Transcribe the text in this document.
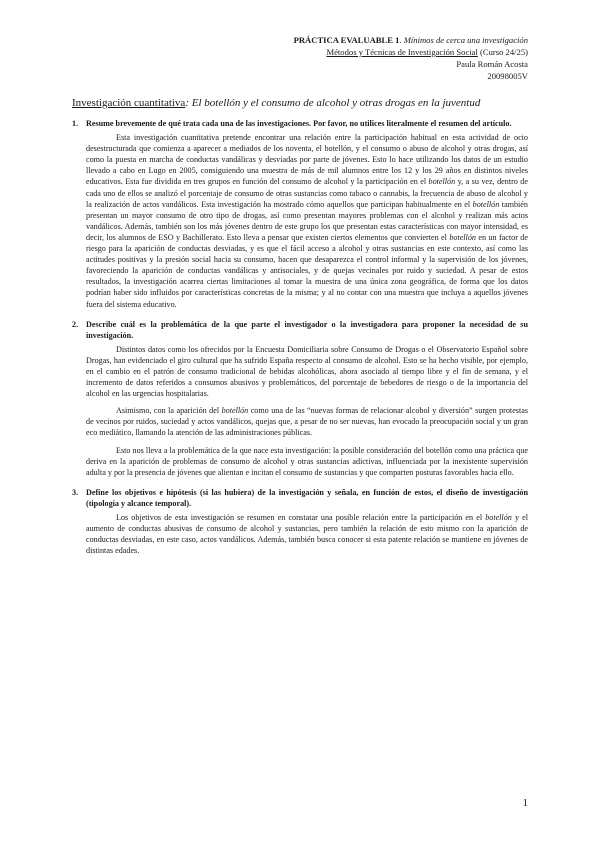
PRÁCTICA EVALUABLE 1. Mínimos de cerca una investigación
Métodos y Técnicas de Investigación Social (Curso 24/25)
Paula Román Acosta
20098005V
Investigación cuantitativa: El botellón y el consumo de alcohol y otras drogas en la juventud
1. Resume brevemente de qué trata cada una de las investigaciones. Por favor, no utilices literalmente el resumen del artículo.
Esta investigación cuantitativa pretende encontrar una relación entre la participación habitual en esta actividad de ocio desestructurada que comienza a aparecer a mediados de los noventa, el botellón, y el consumo o abuso de alcohol y otras drogas, así como la puesta en marcha de conductas vandálicas y desviadas por parte de jóvenes. Esto lo hace utilizando los datos de un estudio llevado a cabo en Lugo en 2005, consiguiendo una muestra de más de mil alumnos entre los 12 y los 29 años en distintos niveles educativos. Esta fue dividida en tres grupos en función del consumo de alcohol y la participación en el botellón y, a su vez, dentro de cada uno de ellos se analizó el porcentaje de consumo de otras sustancias como tabaco o cannabis, la frecuencia de abuso de alcohol y la realización de actos vandálicos. Esta investigación ha mostrado cómo aquellos que participan habitualmente en el botellón también presentan un mayor consumo de otro tipo de drogas, así como presentan mayores problemas con el alcohol y realizan más actos vandálicos. Además, también son los más jóvenes dentro de este grupo los que presentan estas características con mayor intensidad, es decir, los alumnos de ESO y Bachillerato. Esto lleva a pensar que existen ciertos elementos que convierten el botellón en un factor de riesgo para la aparición de conductas desviadas, y es que el fácil acceso a alcohol y otras sustancias en este contexto, así como las actitudes positivas y la presión social hacia su consumo, hacen que desaparezca el control informal y la supervisión de los jóvenes, favoreciendo la aparición de conductas vandálicas y antisociales, y de quejas vecinales por ruido y suciedad. A pesar de estos resultados, la investigación acarrea ciertas limitaciones al tomar la muestra de una única zona geográfica, de forma que los datos podrían haber sido influidos por características concretas de la misma; y al no contar con una muestra que incluya a aquellos jóvenes fuera del sistema educativo.
2. Describe cuál es la problemática de la que parte el investigador o la investigadora para proponer la necesidad de su investigación.
Distintos datos como los ofrecidos por la Encuesta Domiciliaria sobre Consumo de Drogas o el Observatorio Español sobre Drogas, han evidenciado el giro cultural que ha sufrido España respecto al consumo de alcohol. Esto se ha hecho visible, por ejemplo, en el cambio en el patrón de consumo tradicional de bebidas alcohólicas, ahora asociado al tiempo libre y el fin de semana, y el incremento de datos referidos a consumos abusivos y problemáticos, del porcentaje de bebedores de riesgo o de la importancia del alcohol en las urgencias hospitalarias.
Asimismo, con la aparición del botellón como una de las “nuevas formas de relacionar alcohol y diversión” surgen protestas de vecinos por ruidos, suciedad y actos vandálicos, quejas que, a pesar de no ser nuevas, han evocado la preocupación social y un gran eco mediático, llamando la atención de las administraciones públicas.
Esto nos lleva a la problemática de la que nace esta investigación: la posible consideración del botellón como una práctica que deriva en la aparición de problemas de consumo de alcohol y otras sustancias adictivas, influenciada por la inexistente supervisión adulta y por la presencia de jóvenes que alientan e incitan el consumo de sustancias y que comparten posturas favorables hacia ello.
3. Define los objetivos e hipótesis (si las hubiera) de la investigación y señala, en función de estos, el diseño de investigación (tipología y alcance temporal).
Los objetivos de esta investigación se resumen en constatar una posible relación entre la participación en el botellón y el aumento de conductas abusivas de consumo de alcohol y sustancias, pero también la relación de esto mismo con la aparición de conductas desviadas, en este caso, actos vandálicos. Además, también busca conocer si esta patente relación se mantiene en jóvenes de distintas edades.
1
